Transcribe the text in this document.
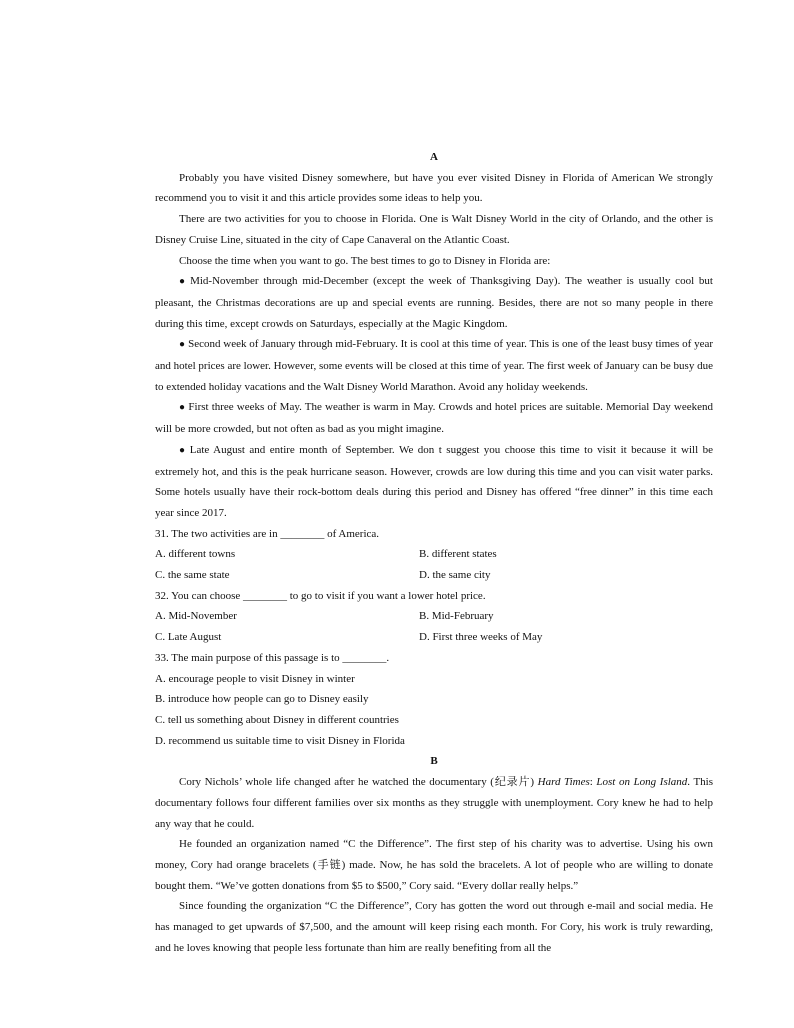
A

Probably you have visited Disney somewhere, but have you ever visited Disney in Florida of American We strongly recommend you to visit it and this article provides some ideas to help you.

There are two activities for you to choose in Florida. One is Walt Disney World in the city of Orlando, and the other is Disney Cruise Line, situated in the city of Cape Canaveral on the Atlantic Coast.

Choose the time when you want to go. The best times to go to Disney in Florida are:

● Mid-November through mid-December (except the week of Thanksgiving Day). The weather is usually cool but pleasant, the Christmas decorations are up and special events are running. Besides, there are not so many people in there during this time, except crowds on Saturdays, especially at the Magic Kingdom.

● Second week of January through mid-February. It is cool at this time of year. This is one of the least busy times of year and hotel prices are lower. However, some events will be closed at this time of year. The first week of January can be busy due to extended holiday vacations and the Walt Disney World Marathon. Avoid any holiday weekends.

● First three weeks of May. The weather is warm in May. Crowds and hotel prices are suitable. Memorial Day weekend will be more crowded, but not often as bad as you might imagine.

● Late August and entire month of September. We don t suggest you choose this time to visit it because it will be extremely hot, and this is the peak hurricane season. However, crowds are low during this time and you can visit water parks. Some hotels usually have their rock-bottom deals during this period and Disney has offered “free dinner” in this time each year since 2017.

31. The two activities are in ________ of America.

A. different towns	B. different states
C. the same state	D. the same city

32. You can choose ________ to go to visit if you want a lower hotel price.

A. Mid-November	B. Mid-February
C. Late August	D. First three weeks of May

33. The main purpose of this passage is to ________.

A. encourage people to visit Disney in winter

B. introduce how people can go to Disney easily

C. tell us something about Disney in different countries

D. recommend us suitable time to visit Disney in Florida

B

Cory Nichols’ whole life changed after he watched the documentary (纪录片) Hard Times: Lost on Long Island. This documentary follows four different families over six months as they struggle with unemployment. Cory knew he had to help any way that he could.

He founded an organization named “C the Difference”. The first step of his charity was to advertise. Using his own money, Cory had orange bracelets (手链) made. Now, he has sold the bracelets. A lot of people who are willing to donate bought them. “We’ve gotten donations from $5 to $500,” Cory said. “Every dollar really helps.”

Since founding the organization “C the Difference”, Cory has gotten the word out through e-mail and social media. He has managed to get upwards of $7,500, and the amount will keep rising each month. For Cory, his work is truly rewarding, and he loves knowing that people less fortunate than him are really benefiting from all the
